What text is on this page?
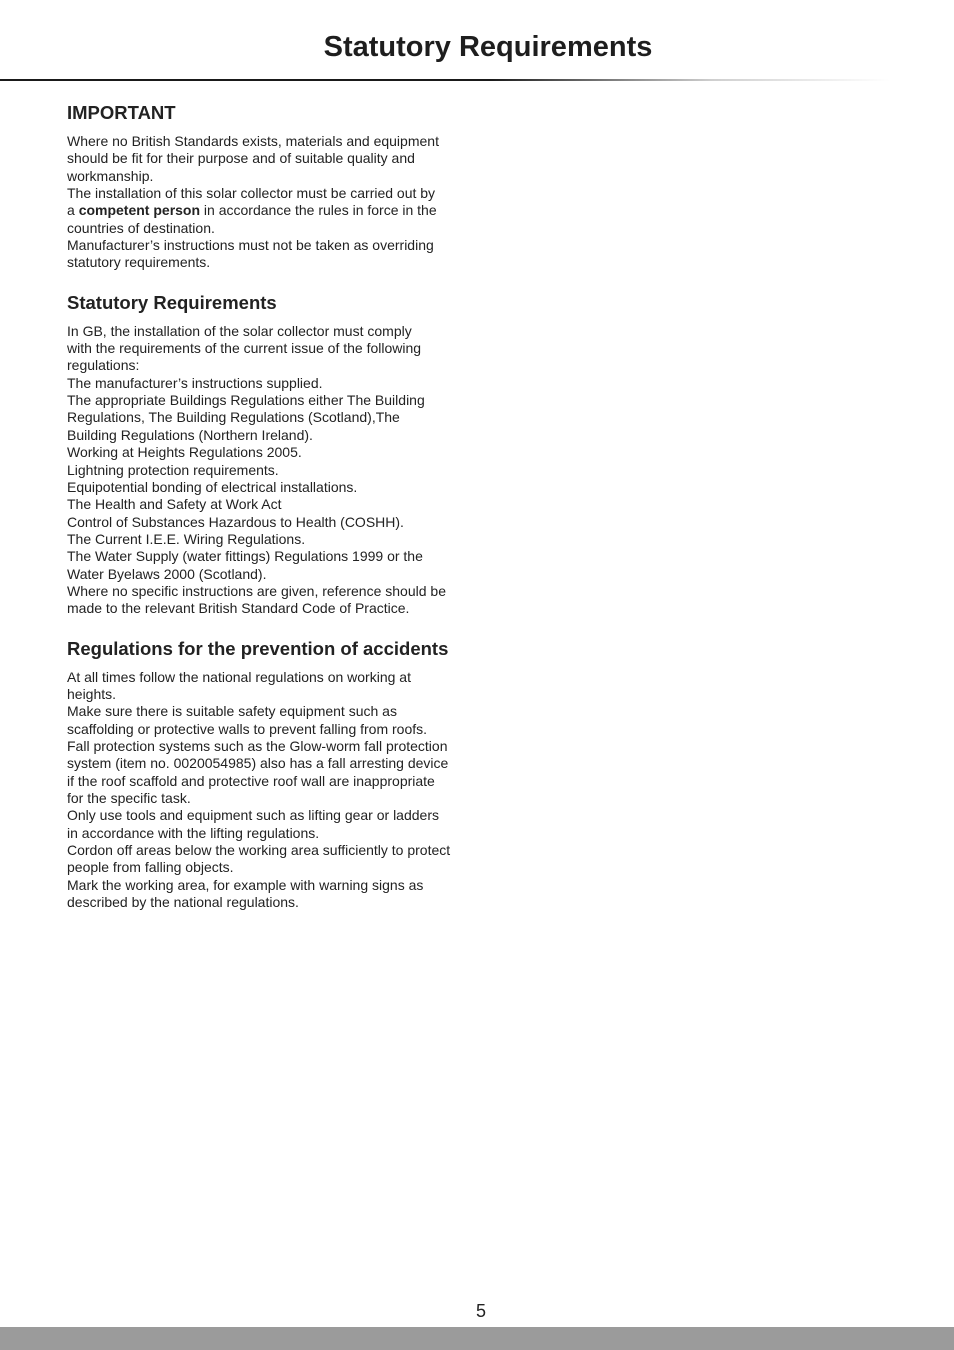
Statutory Requirements
IMPORTANT
Where no British Standards exists, materials and equipment
should be fit for their purpose and of suitable quality and
workmanship.
The installation of this solar collector must be carried out by
a competent person in accordance the rules in force in the
countries of destination.
Manufacturer’s instructions must not be taken as overriding
statutory requirements.
Statutory Requirements
In GB, the installation of the solar collector must comply
with the requirements of the current issue of the following
regulations:
The manufacturer’s instructions supplied.
The appropriate Buildings Regulations either The Building
Regulations, The Building Regulations (Scotland),The
Building Regulations (Northern Ireland).
Working at Heights Regulations 2005.
Lightning protection requirements.
Equipotential bonding of electrical installations.
The Health and Safety at Work Act
Control of Substances Hazardous to Health (COSHH).
The Current I.E.E. Wiring Regulations.
The Water Supply (water fittings) Regulations 1999 or the
Water Byelaws 2000 (Scotland).
Where no specific instructions are given, reference should be
made to the relevant British Standard Code of Practice.
Regulations for the prevention of accidents
At all times follow the national regulations on working at
heights.
Make sure there is suitable safety equipment such as
scaffolding or protective walls to prevent falling from roofs.
Fall protection systems such as the Glow-worm fall protection
system (item no. 0020054985) also has a fall arresting device
if the roof scaffold and protective roof wall are inappropriate
for the specific task.
Only use tools and equipment such as lifting gear or ladders
in accordance with the lifting regulations.
Cordon off areas below the working area sufficiently to protect
people from falling objects.
Mark the working area, for example with warning signs as
described by the national regulations.
5
